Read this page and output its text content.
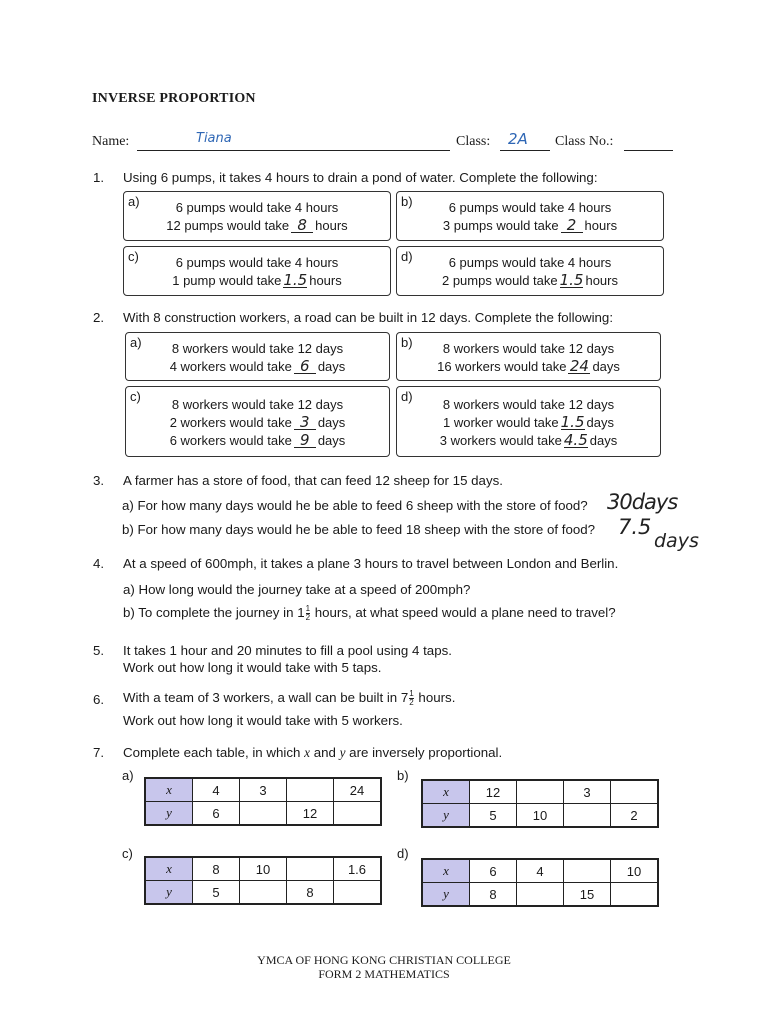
INVERSE PROPORTION
Name:	Tiana	Class: 2A Class No.:
1. Using 6 pumps, it takes 4 hours to drain a pond of water. Complete the following:
a)	6 pumps would take 4 hours
12 pumps would take 8 hours
b)	6 pumps would take 4 hours
3 pumps would take 2 hours
c)	6 pumps would take 4 hours
1 pump would take 1.5 hours
d)	6 pumps would take 4 hours
2 pumps would take 1.5 hours
2. With 8 construction workers, a road can be built in 12 days. Complete the following:
a)	8 workers would take 12 days
4 workers would take 6 days
b)	8 workers would take 12 days
16 workers would take 24 days
c)
8 workers would take 12 days
2 workers would take 3 days
6 workers would take 9 days
d)
8 workers would take 12 days
1 worker would take 1.5 days
3 workers would take 4.5 days
3. A farmer has a store of food, that can feed 12 sheep for 15 days.
a) For how many days would he be able to feed 6 sheep with the store of food? 30days
b) For how many days would he be able to feed 18 sheep with the store of food? 7.5
days
4. At a speed of 600mph, it takes a plane 3 hours to travel between London and Berlin.
a) How long would the journey take at a speed of 200mph?
b) To complete the journey in $1 \frac{1}{2}$ hours, at what speed would a plane need to travel?
5. It takes 1 hour and 20 minutes to fill a pool using 4 taps.
Work out how long it would take with 5 taps.
6. With a team of 3 workers, a wall can be built in $7 \frac{1}{2}$ hours.
Work out how long it would take with 5 workers.
7. Complete each table, in which x and y are inversely proportional.
a)
x	4	3		24
y	6		12	
b)
x	12		3	
y	5	10		2
c)
x	8	10		1.6
y	5		8	
d)
x	6	4		10
y	8		15	
YMCA OF HONG KONG CHRISTIAN COLLEGE
FORM 2 MATHEMATICS
